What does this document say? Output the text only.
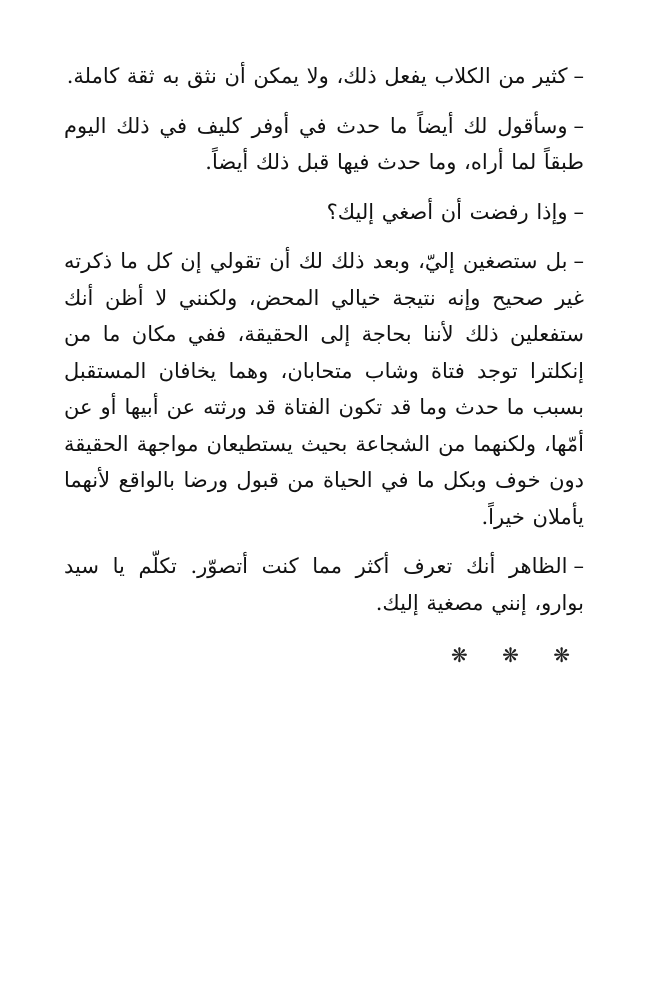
–كثير من الكلاب يفعل ذلك، ولا يمكن أن نثق به ثقة كاملة.

–وسأقول لك أيضاً ما حدث في أوفر كليف في ذلك اليوم طبقاً لما أراه، وما حدث فيها قبل ذلك أيضاً.

–وإذا رفضت أن أصغي إليك؟

–بل ستصغين إليّ، وبعد ذلك لك أن تقولي إن كل ما ذكرته غير صحيح وإنه نتيجة خيالي المحض، ولكنني لا أظن أنك ستفعلين ذلك لأننا بحاجة إلى الحقيقة، ففي مكان ما من إنكلترا توجد فتاة وشاب متحابان، وهما يخافان المستقبل بسبب ما حدث وما قد تكون الفتاة قد ورثته عن أبيها أو عن أمّها، ولكنهما من الشجاعة بحيث يستطيعان مواجهة الحقيقة دون خوف وبكل ما في الحياة من قبول ورضا بالواقع لأنهما يأملان خيراً.

–الظاهر أنك تعرف أكثر مما كنت أتصوّر. تكلّم يا سيد بوارو، إنني مصغية إليك.

❋ ❋ ❋
